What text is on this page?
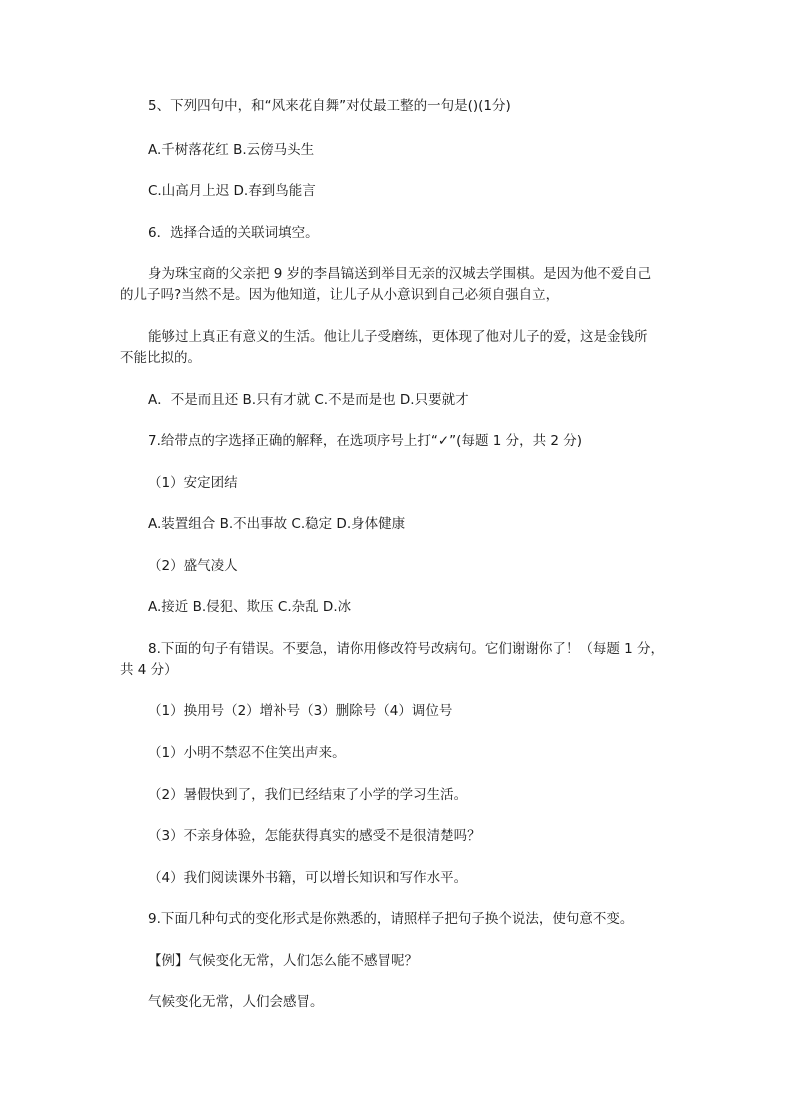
5、下列四句中，和“风来花自舞”对仗最工整的一句是()(1分)
A.千树落花红 B.云傍马头生
C.山高月上迟 D.春到鸟能言
6．选择合适的关联词填空。
身为珠宝商的父亲把 9 岁的李昌镐送到举目无亲的汉城去学围棋。是因为他不爱自己
的儿子吗?当然不是。因为他知道，让儿子从小意识到自己必须自强自立，
能够过上真正有意义的生活。他让儿子受磨练，更体现了他对儿子的爱，这是金钱所
不能比拟的。
A．不是而且还 B.只有才就 C.不是而是也 D.只要就才
7.给带点的字选择正确的解释，在选项序号上打“✓”(每题 1 分，共 2 分)
（1）安定团结
A.装置组合 B.不出事故 C.稳定 D.身体健康
（2）盛气凌人
A.接近 B.侵犯、欺压 C.杂乱 D.冰
8.下面的句子有错误。不要急，请你用修改符号改病句。它们谢谢你了！（每题 1 分，
共 4 分）
（1）换用号（2）增补号（3）删除号（4）调位号
（1）小明不禁忍不住笑出声来。
（2）暑假快到了，我们已经结束了小学的学习生活。
（3）不亲身体验，怎能获得真实的感受不是很清楚吗？
（4）我们阅读课外书籍，可以增长知识和写作水平。
9.下面几种句式的变化形式是你熟悉的，请照样子把句子换个说法，使句意不变。
【例】气候变化无常，人们怎么能不感冒呢？
气候变化无常，人们会感冒。
